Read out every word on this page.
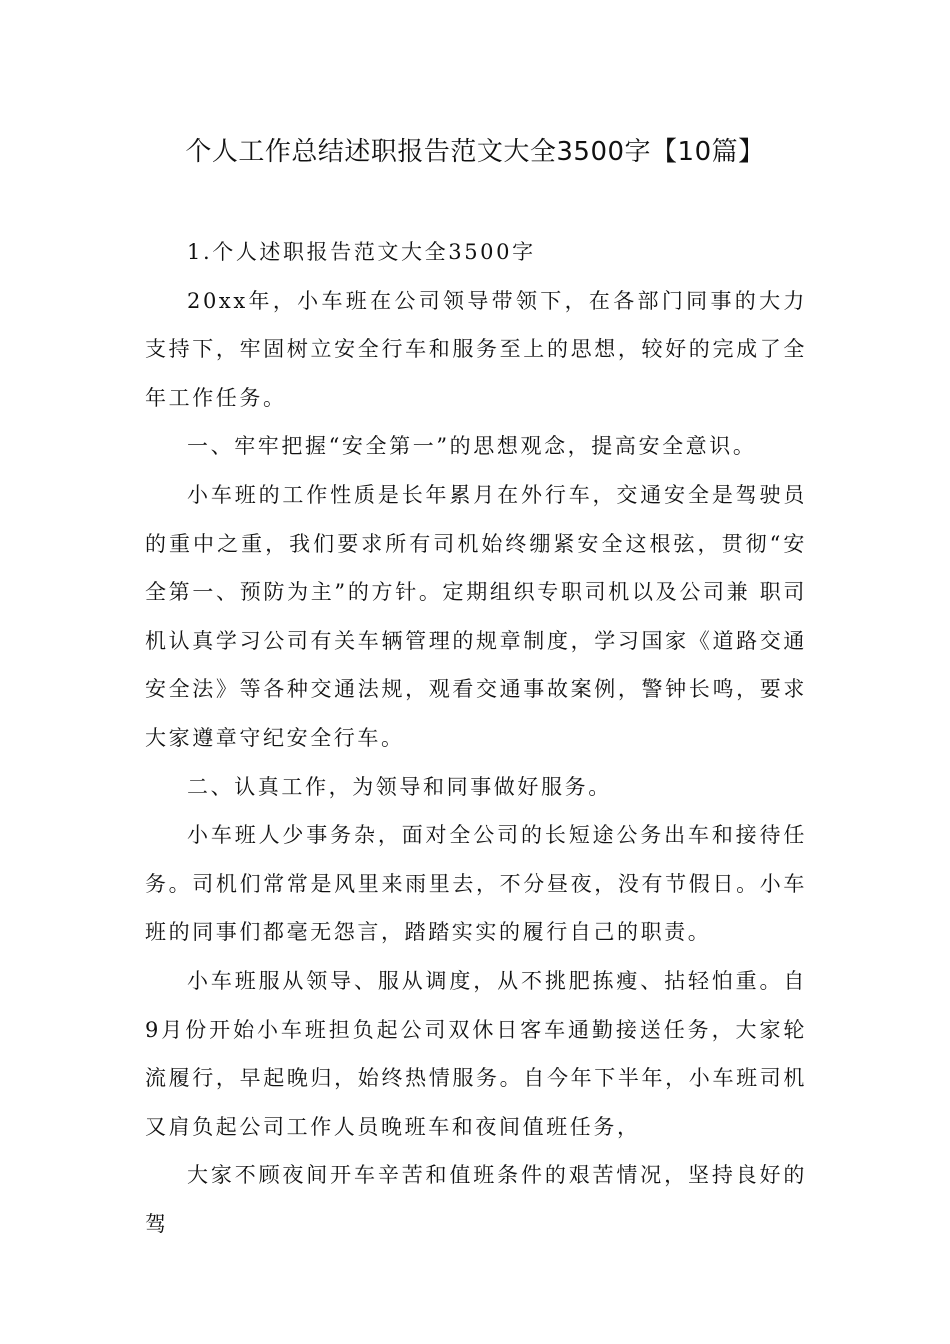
个人工作总结述职报告范文大全3500字【10篇】

1.个人述职报告范文大全3500字

20xx年，小车班在公司领导带领下，在各部门同事的大力支持下，牢固树立安全行车和服务至上的思想，较好的完成了全年工作任务。

一、牢牢把握“安全第一”的思想观念，提高安全意识。

小车班的工作性质是长年累月在外行车，交通安全是驾驶员的重中之重，我们要求所有司机始终绷紧安全这根弦，贯彻“安全第一、预防为主”的方针。定期组织专职司机以及公司兼 职司机认真学习公司有关车辆管理的规章制度，学习国家《道路交通安全法》等各种交通法规，观看交通事故案例，警钟长鸣，要求大家遵章守纪安全行车。

二、认真工作，为领导和同事做好服务。

小车班人少事务杂，面对全公司的长短途公务出车和接待任务。司机们常常是风里来雨里去，不分昼夜，没有节假日。小车班的同事们都毫无怨言，踏踏实实的履行自己的职责。

小车班服从领导、服从调度，从不挑肥拣瘦、拈轻怕重。自9月份开始小车班担负起公司双休日客车通勤接送任务，大家轮流履行，早起晚归，始终热情服务。自今年下半年，小车班司机又肩负起公司工作人员晚班车和夜间值班任务，

大家不顾夜间开车辛苦和值班条件的艰苦情况，坚持良好的驾
